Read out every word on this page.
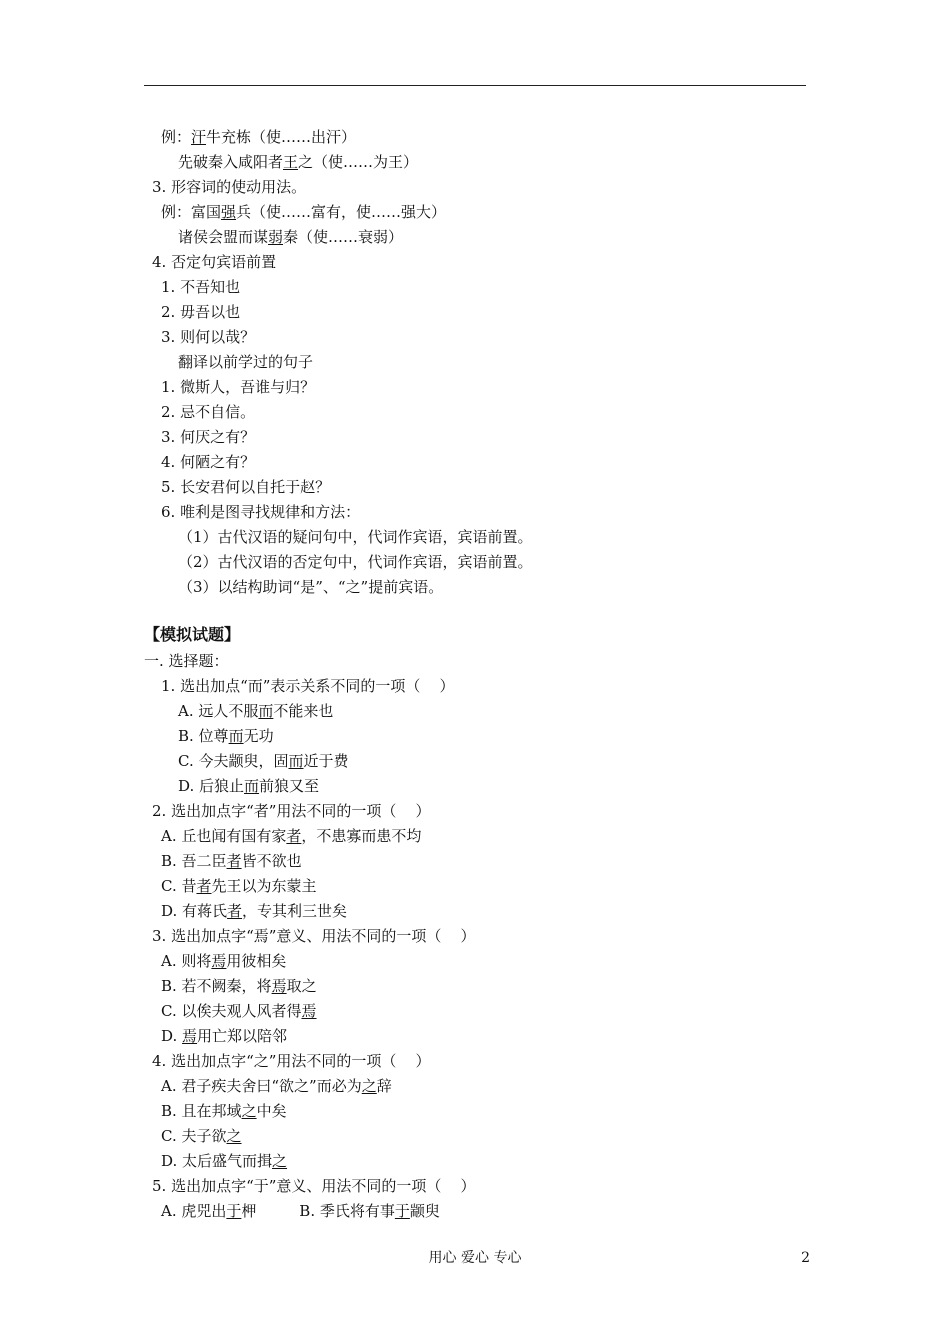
例：汗牛充栋（使……出汗）
先破秦入咸阳者王之（使……为王）
3. 形容词的使动用法。
例：富国强兵（使……富有，使……强大）
诸侯会盟而谋弱秦（使……衰弱）
4. 否定句宾语前置
1. 不吾知也
2. 毋吾以也
3. 则何以哉？
翻译以前学过的句子
1. 微斯人，吾谁与归？
2. 忌不自信。
3. 何厌之有？
4. 何陋之有？
5. 长安君何以自托于赵？
6. 唯利是图寻找规律和方法：
（1）古代汉语的疑问句中，代词作宾语，宾语前置。
（2）古代汉语的否定句中，代词作宾语，宾语前置。
（3）以结构助词“是”、“之”提前宾语。
一. 选择题：
1. 选出加点“而”表示关系不同的一项（    ）
A. 远人不服而不能来也
B. 位尊而无功
C. 今夫颛臾，固而近于费
D. 后狼止而前狼又至
2. 选出加点字“者”用法不同的一项（    ）
A. 丘也闻有国有家者，不患寡而患不均
B. 吾二臣者皆不欲也
C. 昔者先王以为东蒙主
D. 有蒋氏者，专其利三世矣
3. 选出加点字“焉”意义、用法不同的一项（    ）
A. 则将焉用彼相矣
B. 若不阙秦，将焉取之
C. 以俟夫观人风者得焉
D. 焉用亡郑以陪邻
4. 选出加点字“之”用法不同的一项（    ）
A. 君子疾夫舍曰“欲之”而必为之辞
B. 且在邦域之中矣
C. 夫子欲之
D. 太后盛气而揖之
5. 选出加点字“于”意义、用法不同的一项（    ）
A. 虎兕出于柙         B. 季氏将有事于颛臾
【模拟试题】
用心 爱心 专心	2
